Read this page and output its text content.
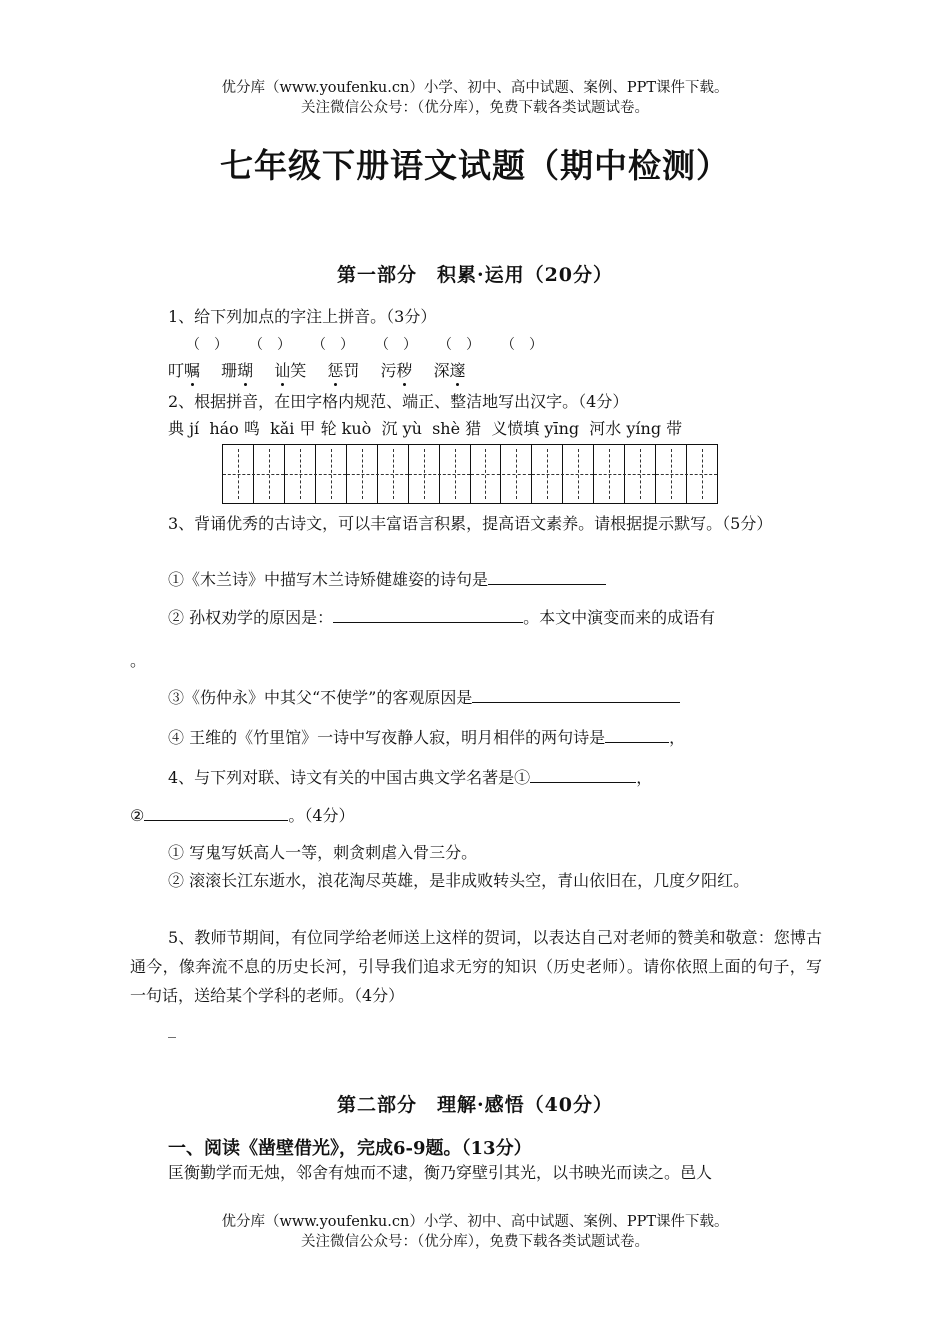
优分库（www.youfenku.cn）小学、初中、高中试题、案例、PPT课件下载。
关注微信公众号：（优分库），免费下载各类试题试卷。
七年级下册语文试题（期中检测）
第一部分　积累·运用（20分）
1、给下列加点的字注上拼音。（3分）
（　） （　） （　） （　） （　） （　）
叮嘱 珊瑚 讪笑 惩罚 污秽 深邃
2、根据拼音，在田字格内规范、端正、整洁地写出汉字。（4分）
典 jí  háo 鸣  kǎi 甲 轮 kuò  沉 yù  shè 猎  义愤填 yīng  河水 yíng 带
3、背诵优秀的古诗文，可以丰富语言积累，提高语文素养。请根据提示默写。（5分）
①《木兰诗》中描写木兰诗矫健雄姿的诗句是
② 孙权劝学的原因是：	。本文中演变而来的成语有
。
③《伤仲永》中其父“不使学”的客观原因是
④ 王维的《竹里馆》一诗中写夜静人寂，明月相伴的两句诗是	，
4、与下列对联、诗文有关的中国古典文学名著是①	，
②	。（4分）
① 写鬼写妖高人一等，刺贪刺虐入骨三分。
② 滚滚长江东逝水，浪花淘尽英雄，是非成败转头空，青山依旧在，几度夕阳红。
5、教师节期间，有位同学给老师送上这样的贺词，以表达自己对老师的赞美和敬意：您博古通今，像奔流不息的历史长河，引导我们追求无穷的知识（历史老师）。请你依照上面的句子，写一句话，送给某个学科的老师。（4分）
_
第二部分　理解·感悟（40分）
一、阅读《凿壁借光》，完成6-9题。（13分）
匡衡勤学而无烛，邻舍有烛而不逮，衡乃穿壁引其光，以书映光而读之。邑人
优分库（www.youfenku.cn）小学、初中、高中试题、案例、PPT课件下载。
关注微信公众号：（优分库），免费下载各类试题试卷。
